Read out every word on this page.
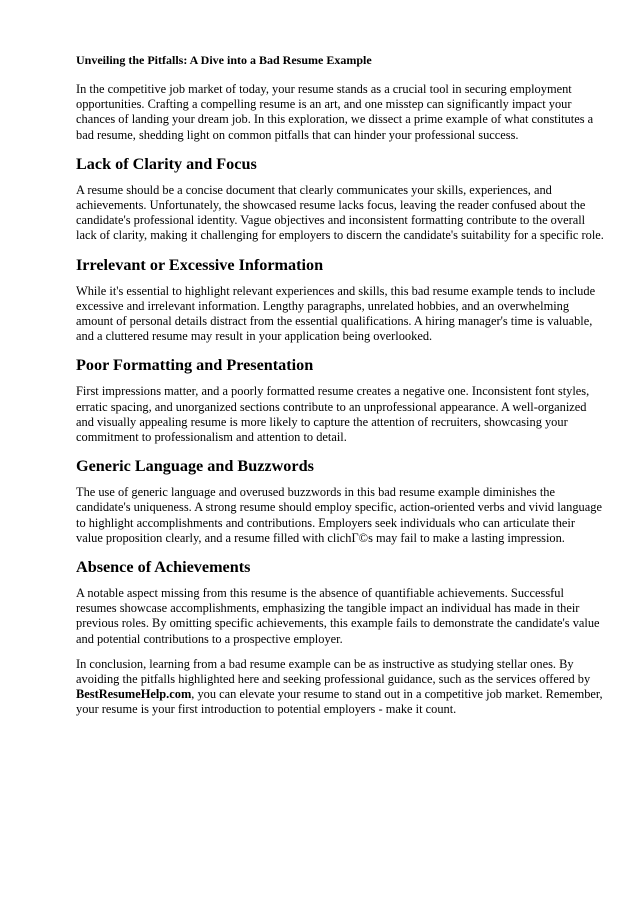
Unveiling the Pitfalls: A Dive into a Bad Resume Example

In the competitive job market of today, your resume stands as a crucial tool in securing employment opportunities. Crafting a compelling resume is an art, and one misstep can significantly impact your chances of landing your dream job. In this exploration, we dissect a prime example of what constitutes a bad resume, shedding light on common pitfalls that can hinder your professional success.

Lack of Clarity and Focus

A resume should be a concise document that clearly communicates your skills, experiences, and achievements. Unfortunately, the showcased resume lacks focus, leaving the reader confused about the candidate's professional identity. Vague objectives and inconsistent formatting contribute to the overall lack of clarity, making it challenging for employers to discern the candidate's suitability for a specific role.

Irrelevant or Excessive Information

While it's essential to highlight relevant experiences and skills, this bad resume example tends to include excessive and irrelevant information. Lengthy paragraphs, unrelated hobbies, and an overwhelming amount of personal details distract from the essential qualifications. A hiring manager's time is valuable, and a cluttered resume may result in your application being overlooked.

Poor Formatting and Presentation

First impressions matter, and a poorly formatted resume creates a negative one. Inconsistent font styles, erratic spacing, and unorganized sections contribute to an unprofessional appearance. A well-organized and visually appealing resume is more likely to capture the attention of recruiters, showcasing your commitment to professionalism and attention to detail.

Generic Language and Buzzwords

The use of generic language and overused buzzwords in this bad resume example diminishes the candidate's uniqueness. A strong resume should employ specific, action-oriented verbs and vivid language to highlight accomplishments and contributions. Employers seek individuals who can articulate their value proposition clearly, and a resume filled with clichГ©s may fail to make a lasting impression.

Absence of Achievements

A notable aspect missing from this resume is the absence of quantifiable achievements. Successful resumes showcase accomplishments, emphasizing the tangible impact an individual has made in their previous roles. By omitting specific achievements, this example fails to demonstrate the candidate's value and potential contributions to a prospective employer.

In conclusion, learning from a bad resume example can be as instructive as studying stellar ones. By avoiding the pitfalls highlighted here and seeking professional guidance, such as the services offered by BestResumeHelp.com, you can elevate your resume to stand out in a competitive job market. Remember, your resume is your first introduction to potential employers - make it count.
